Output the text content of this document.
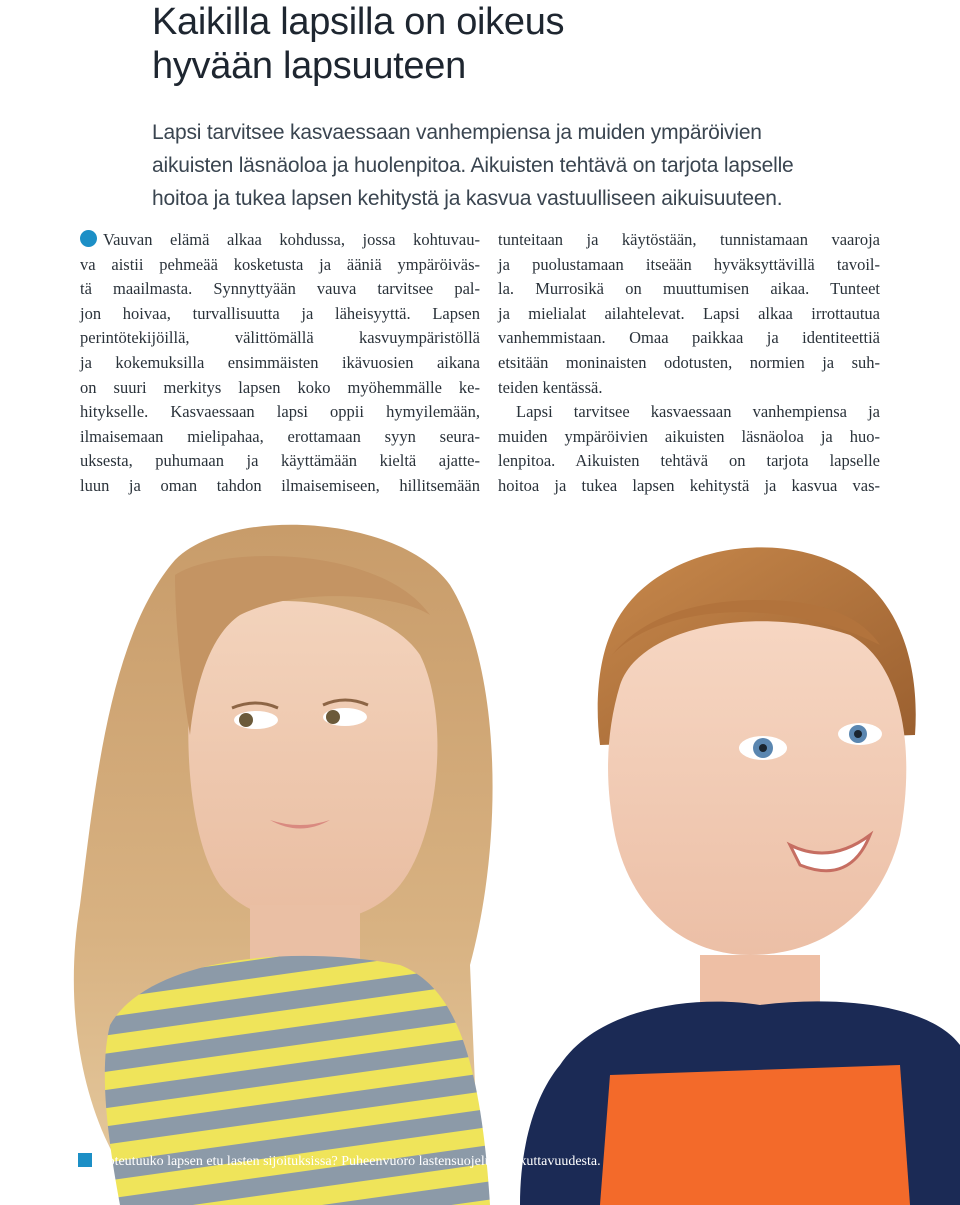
Kaikilla lapsilla on oikeus
hyvään lapsuuteen

Lapsi tarvitsee kasvaessaan vanhempiensa ja muiden ympäröivien
aikuisten läsnäoloa ja huolenpitoa. Aikuisten tehtävä on tarjota lapselle
hoitoa ja tukea lapsen kehitystä ja kasvua vastuulliseen aikuisuuteen.

Vauvan elämä alkaa kohdussa, jossa kohtuvau-
va aistii pehmeää kosketusta ja ääniä ympäröiväs-
tä maailmasta. Synnyttyään vauva tarvitsee pal-
jon hoivaa, turvallisuutta ja läheisyyttä. Lapsen
perintötekijöillä, välittömällä kasvuympäristöllä
ja kokemuksilla ensimmäisten ikävuosien aikana
on suuri merkitys lapsen koko myöhemmälle ke-
hitykselle. Kasvaessaan lapsi oppii hymyilemään,
ilmaisemaan mielipahaa, erottamaan syyn seura-
uksesta, puhumaan ja käyttämään kieltä ajatte-
luun ja oman tahdon ilmaisemiseen, hillitsemään
tunteitaan ja käytöstään, tunnistamaan vaaroja
ja puolustamaan itseään hyväksyttävillä tavoil-
la. Murrosikä on muuttumisen aikaa. Tunteet
ja mielialat ailahtelevat. Lapsi alkaa irrottautua
vanhemmistaan. Omaa paikkaa ja identiteettiä
etsitään moninaisten odotusten, normien ja suh-
teiden kentässä.
Lapsi tarvitsee kasvaessaan vanhempiensa ja
muiden ympäröivien aikuisten läsnäoloa ja huo-
lenpitoa. Aikuisten tehtävä on tarjota lapselle
hoitoa ja tukea lapsen kehitystä ja kasvua vas-
6 Toteutuuko lapsen etu lasten sijoituksissa? Puheenvuoro lastensuojelun vaikuttavuudesta.
